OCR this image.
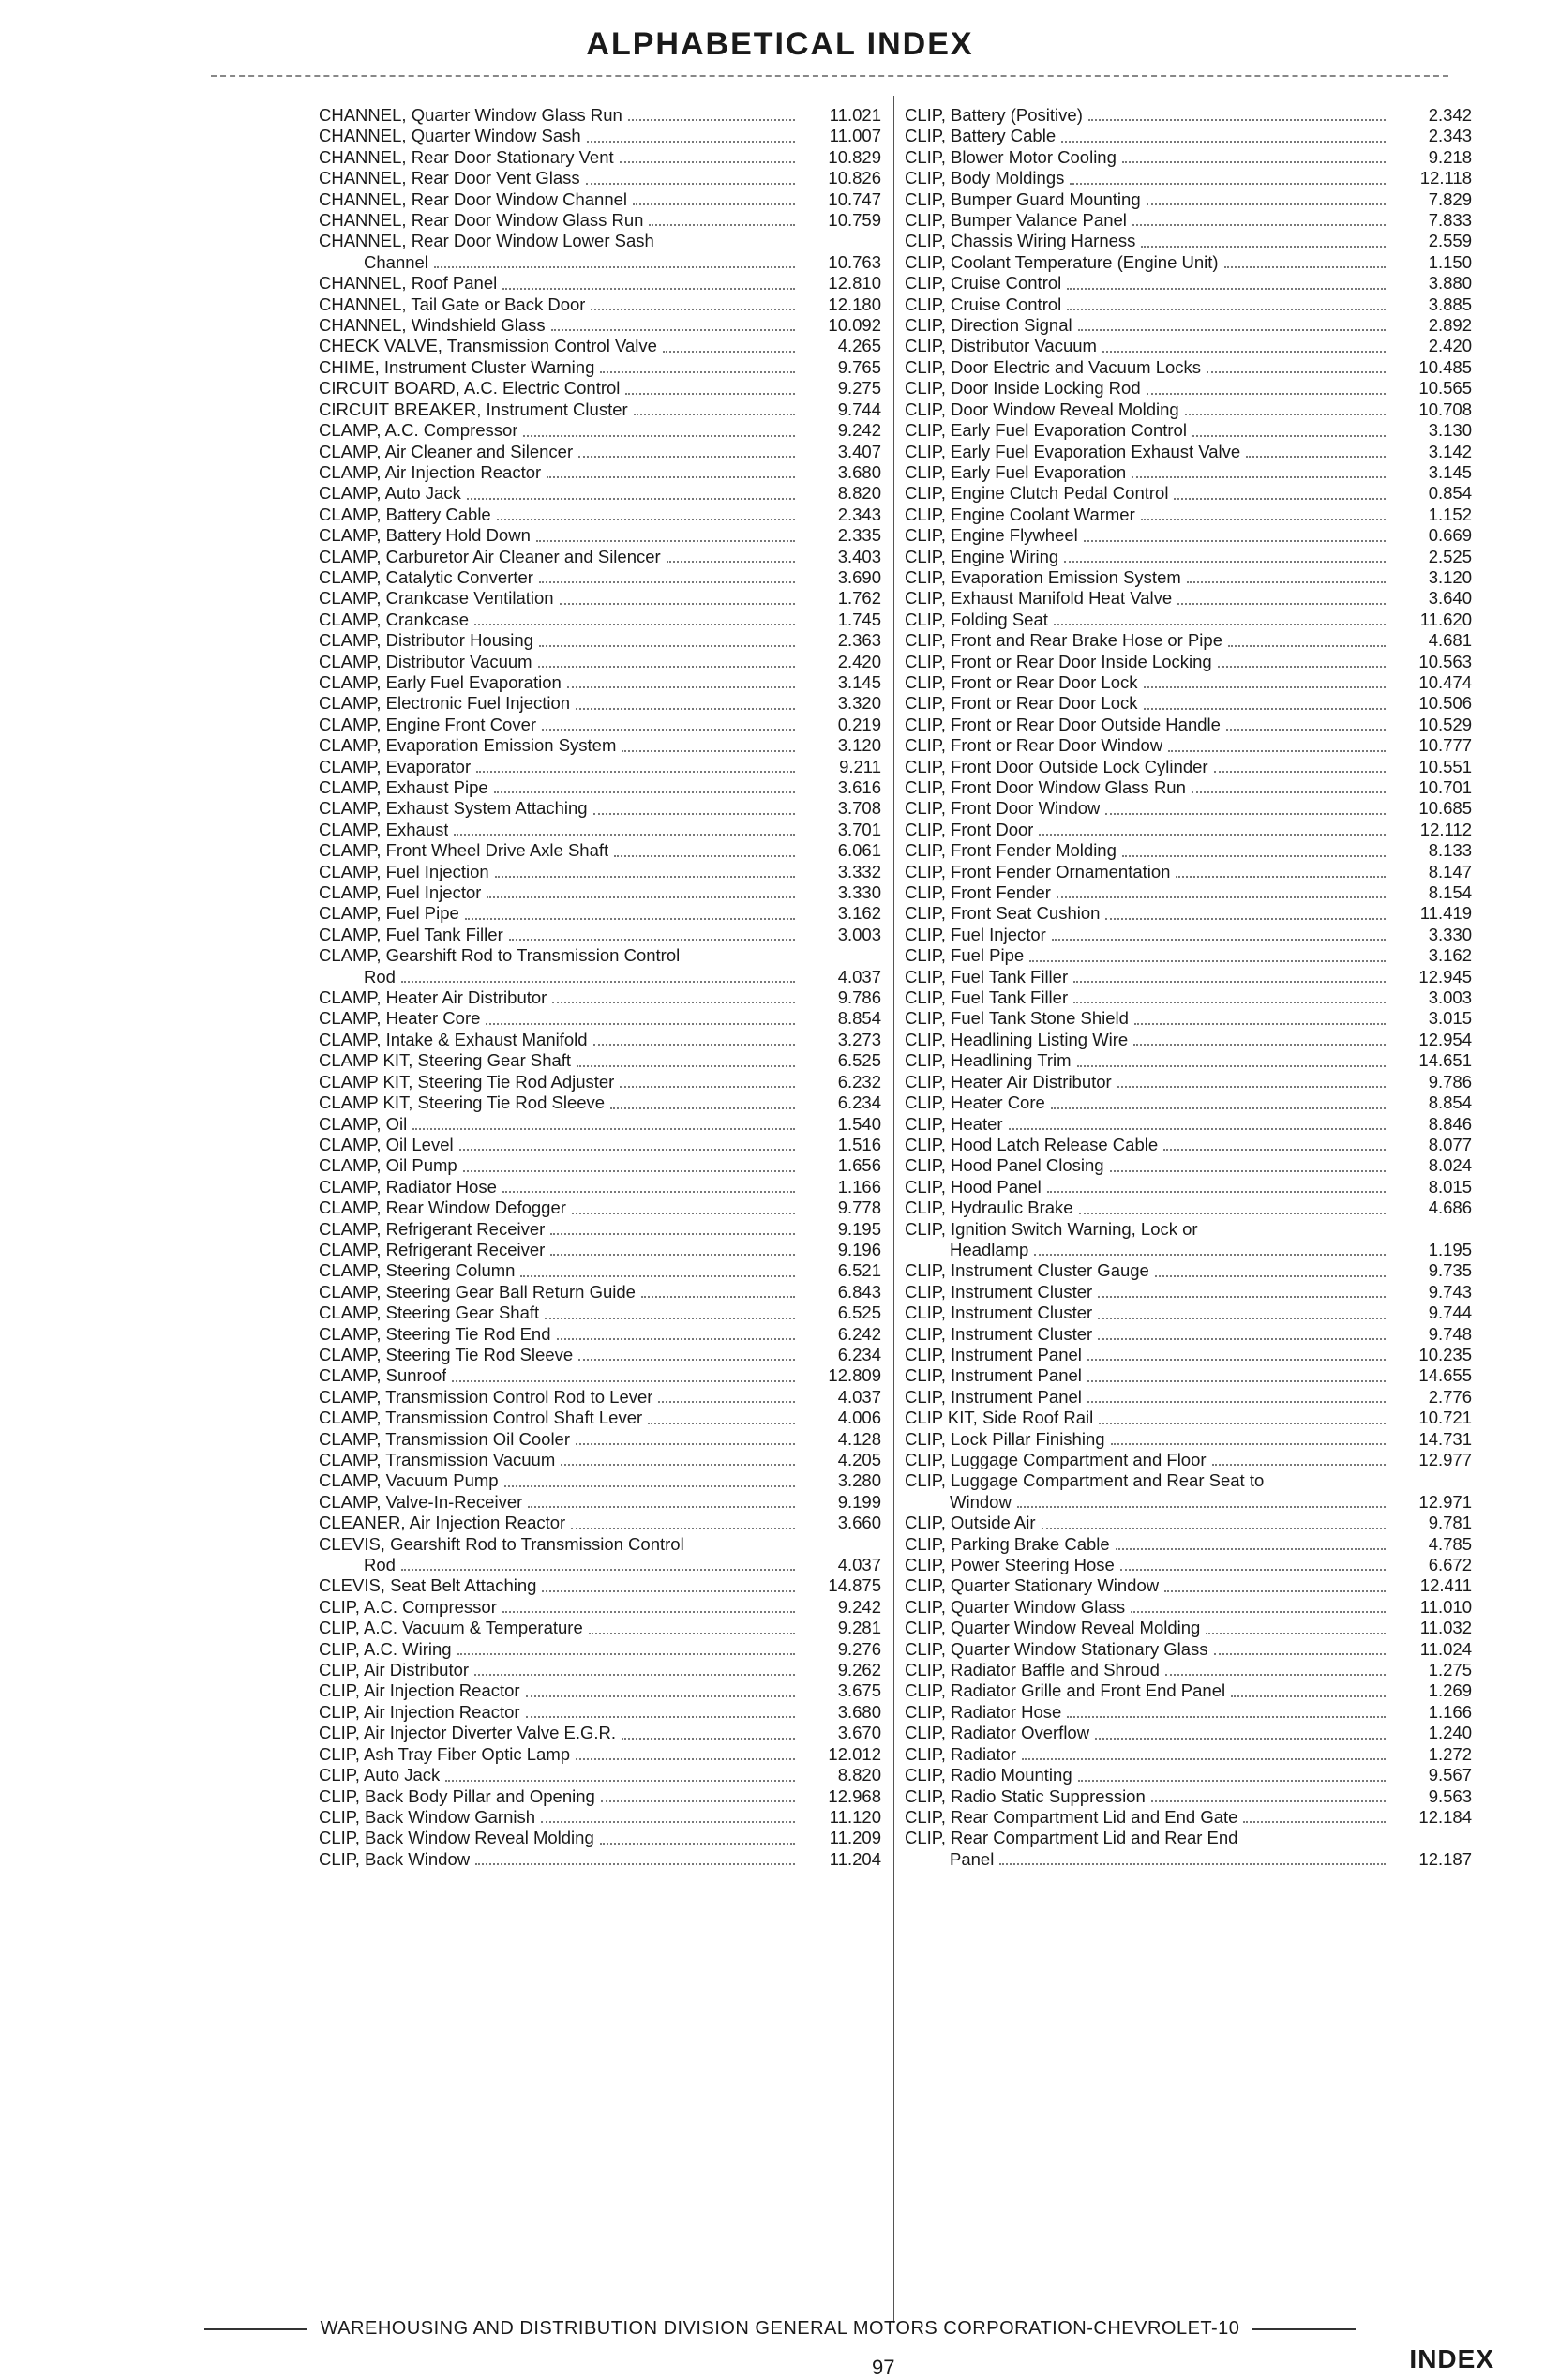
ALPHABETICAL INDEX
CHANNEL, Quarter Window Glass Run	11.021
CHANNEL, Quarter Window Sash	11.007
CHANNEL, Rear Door Stationary Vent	10.829
CHANNEL, Rear Door Vent Glass	10.826
CHANNEL, Rear Door Window Channel	10.747
CHANNEL, Rear Door Window Glass Run	10.759
CHANNEL, Rear Door Window Lower Sash
Channel	10.763
CHANNEL, Roof Panel	12.810
CHANNEL, Tail Gate or Back Door	12.180
CHANNEL, Windshield Glass	10.092
CHECK VALVE, Transmission Control Valve	4.265
CHIME, Instrument Cluster Warning	9.765
CIRCUIT BOARD, A.C. Electric Control	9.275
CIRCUIT BREAKER, Instrument Cluster	9.744
CLAMP, A.C. Compressor	9.242
CLAMP, Air Cleaner and Silencer	3.407
CLAMP, Air Injection Reactor	3.680
CLAMP, Auto Jack	8.820
CLAMP, Battery Cable	2.343
CLAMP, Battery Hold Down	2.335
CLAMP, Carburetor Air Cleaner and Silencer	3.403
CLAMP, Catalytic Converter	3.690
CLAMP, Crankcase Ventilation	1.762
CLAMP, Crankcase	1.745
CLAMP, Distributor Housing	2.363
CLAMP, Distributor Vacuum	2.420
CLAMP, Early Fuel Evaporation	3.145
CLAMP, Electronic Fuel Injection	3.320
CLAMP, Engine Front Cover	0.219
CLAMP, Evaporation Emission System	3.120
CLAMP, Evaporator	9.211
CLAMP, Exhaust Pipe	3.616
CLAMP, Exhaust System Attaching	3.708
CLAMP, Exhaust	3.701
CLAMP, Front Wheel Drive Axle Shaft	6.061
CLAMP, Fuel Injection	3.332
CLAMP, Fuel Injector	3.330
CLAMP, Fuel Pipe	3.162
CLAMP, Fuel Tank Filler	3.003
CLAMP, Gearshift Rod to Transmission Control
Rod	4.037
CLAMP, Heater Air Distributor	9.786
CLAMP, Heater Core	8.854
CLAMP, Intake & Exhaust Manifold	3.273
CLAMP KIT, Steering Gear Shaft	6.525
CLAMP KIT, Steering Tie Rod Adjuster	6.232
CLAMP KIT, Steering Tie Rod Sleeve	6.234
CLAMP, Oil	1.540
CLAMP, Oil Level	1.516
CLAMP, Oil Pump	1.656
CLAMP, Radiator Hose	1.166
CLAMP, Rear Window Defogger	9.778
CLAMP, Refrigerant Receiver	9.195
CLAMP, Refrigerant Receiver	9.196
CLAMP, Steering Column	6.521
CLAMP, Steering Gear Ball Return Guide	6.843
CLAMP, Steering Gear Shaft	6.525
CLAMP, Steering Tie Rod End	6.242
CLAMP, Steering Tie Rod Sleeve	6.234
CLAMP, Sunroof	12.809
CLAMP, Transmission Control Rod to Lever	4.037
CLAMP, Transmission Control Shaft Lever	4.006
CLAMP, Transmission Oil Cooler	4.128
CLAMP, Transmission Vacuum	4.205
CLAMP, Vacuum Pump	3.280
CLAMP, Valve-In-Receiver	9.199
CLEANER, Air Injection Reactor	3.660
CLEVIS, Gearshift Rod to Transmission Control
Rod	4.037
CLEVIS, Seat Belt Attaching	14.875
CLIP, A.C. Compressor	9.242
CLIP, A.C. Vacuum & Temperature	9.281
CLIP, A.C. Wiring	9.276
CLIP, Air Distributor	9.262
CLIP, Air Injection Reactor	3.675
CLIP, Air Injection Reactor	3.680
CLIP, Air Injector Diverter Valve E.G.R.	3.670
CLIP, Ash Tray Fiber Optic Lamp	12.012
CLIP, Auto Jack	8.820
CLIP, Back Body Pillar and Opening	12.968
CLIP, Back Window Garnish	11.120
CLIP, Back Window Reveal Molding	11.209
CLIP, Back Window	11.204
CLIP, Battery (Positive)	2.342
CLIP, Battery Cable	2.343
CLIP, Blower Motor Cooling	9.218
CLIP, Body Moldings	12.118
CLIP, Bumper Guard Mounting	7.829
CLIP, Bumper Valance Panel	7.833
CLIP, Chassis Wiring Harness	2.559
CLIP, Coolant Temperature (Engine Unit)	1.150
CLIP, Cruise Control	3.880
CLIP, Cruise Control	3.885
CLIP, Direction Signal	2.892
CLIP, Distributor Vacuum	2.420
CLIP, Door Electric and Vacuum Locks	10.485
CLIP, Door Inside Locking Rod	10.565
CLIP, Door Window Reveal Molding	10.708
CLIP, Early Fuel Evaporation Control	3.130
CLIP, Early Fuel Evaporation Exhaust Valve	3.142
CLIP, Early Fuel Evaporation	3.145
CLIP, Engine Clutch Pedal Control	0.854
CLIP, Engine Coolant Warmer	1.152
CLIP, Engine Flywheel	0.669
CLIP, Engine Wiring	2.525
CLIP, Evaporation Emission System	3.120
CLIP, Exhaust Manifold Heat Valve	3.640
CLIP, Folding Seat	11.620
CLIP, Front and Rear Brake Hose or Pipe	4.681
CLIP, Front or Rear Door Inside Locking	10.563
CLIP, Front or Rear Door Lock	10.474
CLIP, Front or Rear Door Lock	10.506
CLIP, Front or Rear Door Outside Handle	10.529
CLIP, Front or Rear Door Window	10.777
CLIP, Front Door Outside Lock Cylinder	10.551
CLIP, Front Door Window Glass Run	10.701
CLIP, Front Door Window	10.685
CLIP, Front Door	12.112
CLIP, Front Fender Molding	8.133
CLIP, Front Fender Ornamentation	8.147
CLIP, Front Fender	8.154
CLIP, Front Seat Cushion	11.419
CLIP, Fuel Injector	3.330
CLIP, Fuel Pipe	3.162
CLIP, Fuel Tank Filler	12.945
CLIP, Fuel Tank Filler	3.003
CLIP, Fuel Tank Stone Shield	3.015
CLIP, Headlining Listing Wire	12.954
CLIP, Headlining Trim	14.651
CLIP, Heater Air Distributor	9.786
CLIP, Heater Core	8.854
CLIP, Heater	8.846
CLIP, Hood Latch Release Cable	8.077
CLIP, Hood Panel Closing	8.024
CLIP, Hood Panel	8.015
CLIP, Hydraulic Brake	4.686
CLIP, Ignition Switch Warning, Lock or
Headlamp	1.195
CLIP, Instrument Cluster Gauge	9.735
CLIP, Instrument Cluster	9.743
CLIP, Instrument Cluster	9.744
CLIP, Instrument Cluster	9.748
CLIP, Instrument Panel	10.235
CLIP, Instrument Panel	14.655
CLIP, Instrument Panel	2.776
CLIP KIT, Side Roof Rail	10.721
CLIP, Lock Pillar Finishing	14.731
CLIP, Luggage Compartment and Floor	12.977
CLIP, Luggage Compartment and Rear Seat to
Window	12.971
CLIP, Outside Air	9.781
CLIP, Parking Brake Cable	4.785
CLIP, Power Steering Hose	6.672
CLIP, Quarter Stationary Window	12.411
CLIP, Quarter Window Glass	11.010
CLIP, Quarter Window Reveal Molding	11.032
CLIP, Quarter Window Stationary Glass	11.024
CLIP, Radiator Baffle and Shroud	1.275
CLIP, Radiator Grille and Front End Panel	1.269
CLIP, Radiator Hose	1.166
CLIP, Radiator Overflow	1.240
CLIP, Radiator	1.272
CLIP, Radio Mounting	9.567
CLIP, Radio Static Suppression	9.563
CLIP, Rear Compartment Lid and End Gate	12.184
CLIP, Rear Compartment Lid and Rear End
Panel	12.187
WAREHOUSING AND DISTRIBUTION DIVISION GENERAL MOTORS CORPORATION-CHEVROLET-10
97	INDEX
